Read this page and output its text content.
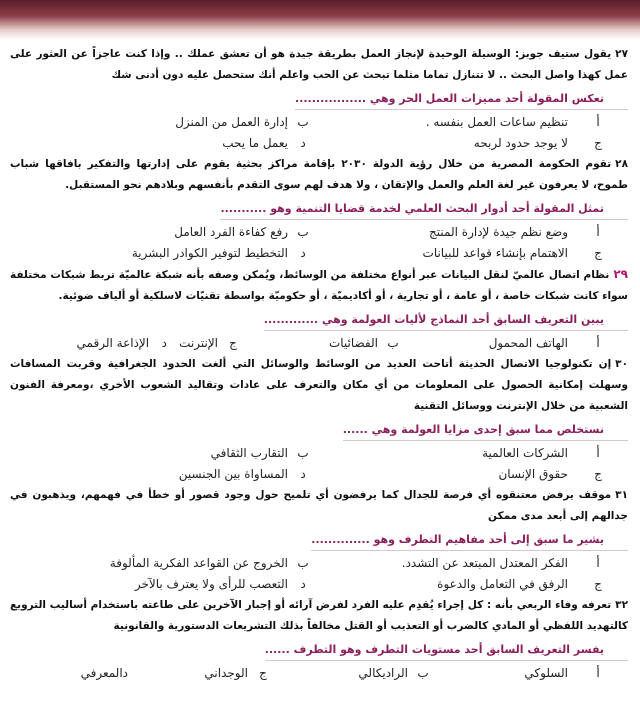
٢٧يقول ستيف جوبز: الوسيلة الوحيدة لإنجاز العمل بطريقة جيدة هو أن تعشق عملك .. وإذا كنت عاجزاً عن العثور على عمل كهذا واصل البحث .. لا تتنازل تماما مثلما تبحث عن الحب واعلم أنك ستحصل عليه دون أدنى شك

تعكس المقولة أحد مميزات العمل الحر وهي .................

أ
تنظيم ساعات العمل بنفسه .
ب
إدارة العمل من المنزل
ج
لا يوجد حدود لربحه
د
يعمل ما يحب

٢٨تقوم الحكومة المصرية من خلال رؤية الدولة ٢٠٣٠ بإقامة مراكز بحثية يقوم على إدارتها والتفكير بافاقها شباب طموح، لا يعرفون غير لغة العلم والعمل والإتقان ، ولا هدف لهم سوى التقدم بأنفسهم وبلادهم نحو المستقبل.

تمثل المقولة أحد أدوار البحث العلمي لخدمة قضايا التنمية وهو ...........

أ
وضع نظم جيدة لإدارة المنتج
ب
رفع كفاءة الفرد العامل
ج
الاهتمام بإنشاء قواعد للبيانات
د
التخطيط لتوفير الكوادر البشرية

٢٩نظام اتصال عالميّ لنقل البيانات عبر أنواع مختلفة من الوسائط، ويُمكن وصفه بأنه شبكة عالميّة تربط شبكات مختلفة سواء كانت شبكات خاصة ، أو عامة ، أو تجارية ، أو أكاديميّة ، أو حكوميّة بواسطة تقنيّات لاسلكية أو ألياف ضوئية.

يبين التعريف السابق أحد النماذج لأليات العولمة وهي .............

أ
الهاتف المحمول
ب
الفضائيات
ج
الإنترنت
د
الإذاعة الرقمي

٣٠إن تكنولوجيا الاتصال الحديثة أتاحت العديد من الوسائط والوسائل التي ألغت الحدود الجغرافية وقربت المسافات وسهلت إمكانية الحصول على المعلومات من أي مكان والتعرف على عادات وتقاليد الشعوب الأخري ،ومعرفة الفنون الشعبية من خلال الإنترنت ووسائل التقنية

نستخلص مما سبق إحدى مزايا العولمة وهي ......

أ
الشركات العالمية
ب
التقارب الثقافي
ج
حقوق الإنسان
د
المساواة بين الجنسين

٣١موقف يرفض معتنقوه أي فرصة للجدال كما يرفضون أي تلميح حول وجود قصور أو خطأ في فهمهم، ويذهبون في جدالهم إلى أبعد مدى ممكن

يشير ما سبق إلى أحد مفاهيم التطرف وهو ..............

أ
الفكر المعتدل المبتعد عن التشدد.
ب
الخروج عن القواعد الفكرية المألوفة
ج
الرفق في التعامل والدعوة
د
التعصب للرأى ولا يعترف بالآخر

٣٢تعرفه وفاء الربعي بأنه : كل إجراء يُقدِم عليه الفرد لفرض آرائه أو إجبار الآخرين على طاعته باستخدام أساليب الترويع كالتهديد اللفظي أو المادي كالضرب أو التعذيب أو القتل مخالفاً بذلك التشريعات الدستورية والقانونية

يفسر التعريف السابق أحد مستويات التطرف وهو التطرف ......

أ
السلوكي
ب
الراديكالي
ج
الوجداني
دالمعرفي
